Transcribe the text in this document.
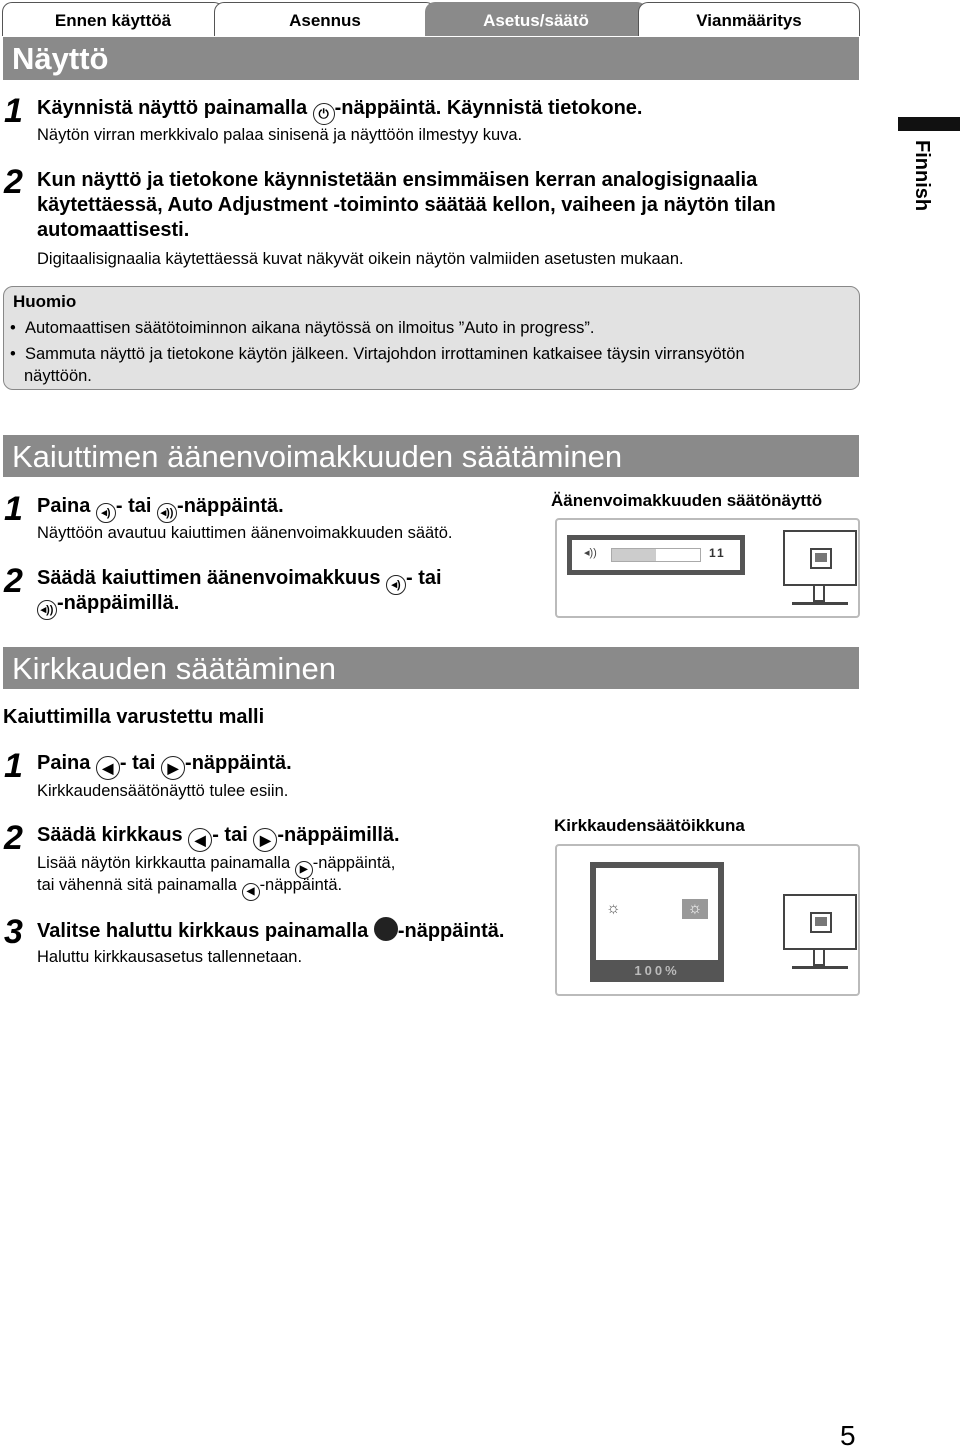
Ennen käyttöä	Asennus	Asetus/säätö	Vianmääritys
Finnish
Näyttö
1 Käynnistä näyttö painamalla ⏻ -näppäintä. Käynnistä tietokone.
Näytön virran merkkivalo palaa sinisenä ja näyttöön ilmestyy kuva.
2 Kun näyttö ja tietokone käynnistetään ensimmäisen kerran analogisignaalia
käytettäessä, Auto Adjustment -toiminto säätää kellon, vaiheen ja näytön tilan
automaattisesti.
Digitaalisignaalia käytettäessä kuvat näkyvät oikein näytön valmiiden asetusten mukaan.
Huomio
•  Automaattisen säätötoiminnon aikana näytössä on ilmoitus ”Auto in progress”.
•  Sammuta näyttö ja tietokone käytön jälkeen. Virtajohdon irrottaminen katkaisee täysin virransyötön
näyttöön.
Kaiuttimen äänenvoimakkuuden säätäminen
1 Paina ◂) - tai ◂)) -näppäintä.
Näyttöön avautuu kaiuttimen äänenvoimakkuuden säätö.
2 Säädä kaiuttimen äänenvoimakkuus ◂) - tai
◂)) -näppäimillä.
Äänenvoimakkuuden säätönäyttö
◂))	11
Kirkkauden säätäminen
Kaiuttimilla varustettu malli
1 Paina ◀ - tai ▶ -näppäintä.
Kirkkaudensäätönäyttö tulee esiin.
2 Säädä kirkkaus ◀ - tai ▶ -näppäimillä.
Lisää näytön kirkkautta painamalla ▶ -näppäintä,
tai vähennä sitä painamalla ◀ -näppäintä.
3 Valitse haluttu kirkkaus painamalla -näppäintä.
Haluttu kirkkausasetus tallennetaan.
Kirkkaudensäätöikkuna
☼	☼
100%
5
